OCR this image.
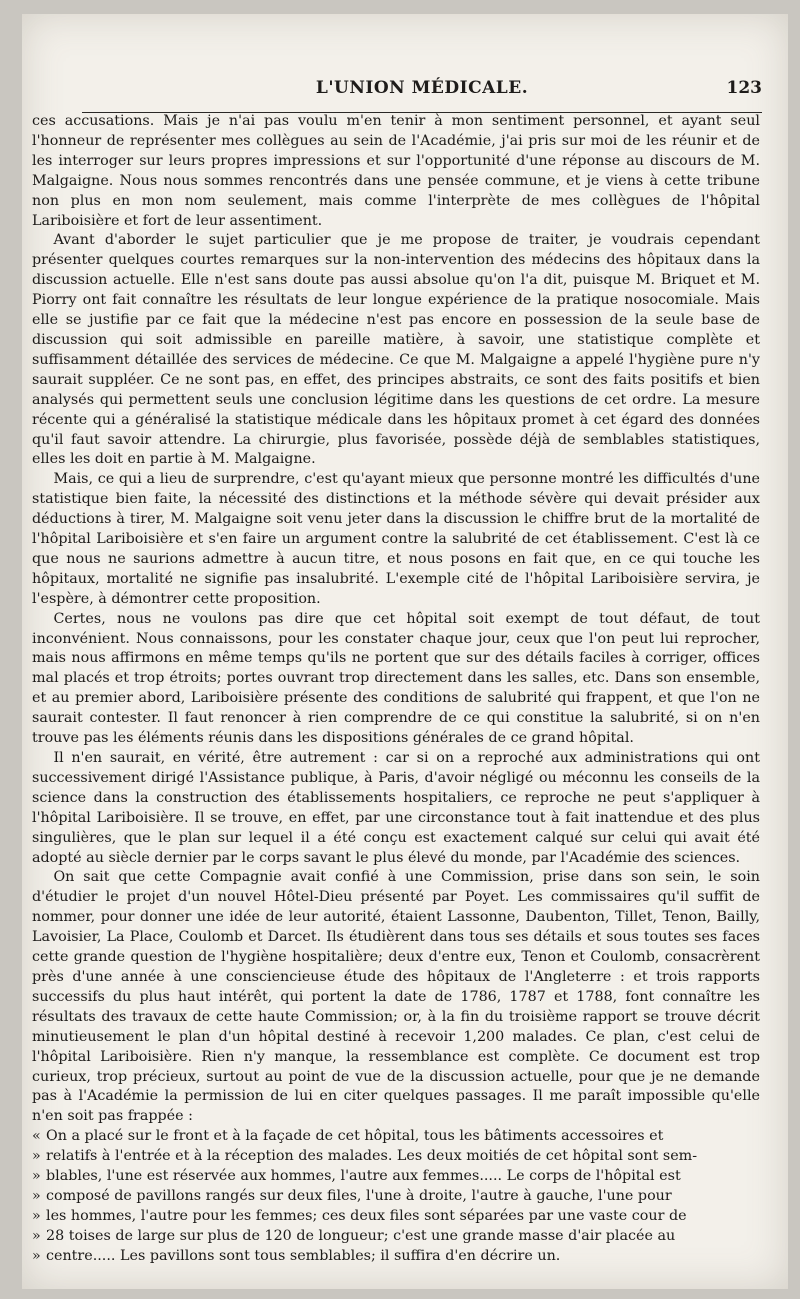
L'UNION MÉDICALE.	123

ces accusations. Mais je n'ai pas voulu m'en tenir à mon sentiment personnel, et ayant seul l'honneur de représenter mes collègues au sein de l'Académie, j'ai pris sur moi de les réunir et de les interroger sur leurs propres impressions et sur l'opportunité d'une réponse au discours de M. Malgaigne. Nous nous sommes rencontrés dans une pensée commune, et je viens à cette tribune non plus en mon nom seulement, mais comme l'interprète de mes collègues de l'hôpital Lariboisière et fort de leur assentiment.

Avant d'aborder le sujet particulier que je me propose de traiter, je voudrais cependant présenter quelques courtes remarques sur la non-intervention des médecins des hôpitaux dans la discussion actuelle. Elle n'est sans doute pas aussi absolue qu'on l'a dit, puisque M. Briquet et M. Piorry ont fait connaître les résultats de leur longue expérience de la pratique nosocomiale. Mais elle se justifie par ce fait que la médecine n'est pas encore en possession de la seule base de discussion qui soit admissible en pareille matière, à savoir, une statistique complète et suffisamment détaillée des services de médecine. Ce que M. Malgaigne a appelé l'hygiène pure n'y saurait suppléer. Ce ne sont pas, en effet, des principes abstraits, ce sont des faits positifs et bien analysés qui permettent seuls une conclusion légitime dans les questions de cet ordre. La mesure récente qui a généralisé la statistique médicale dans les hôpitaux promet à cet égard des données qu'il faut savoir attendre. La chirurgie, plus favorisée, possède déjà de semblables statistiques, elles les doit en partie à M. Malgaigne.

Mais, ce qui a lieu de surprendre, c'est qu'ayant mieux que personne montré les difficultés d'une statistique bien faite, la nécessité des distinctions et la méthode sévère qui devait présider aux déductions à tirer, M. Malgaigne soit venu jeter dans la discussion le chiffre brut de la mortalité de l'hôpital Lariboisière et s'en faire un argument contre la salubrité de cet établissement. C'est là ce que nous ne saurions admettre à aucun titre, et nous posons en fait que, en ce qui touche les hôpitaux, mortalité ne signifie pas insalubrité. L'exemple cité de l'hôpital Lariboisière servira, je l'espère, à démontrer cette proposition.

Certes, nous ne voulons pas dire que cet hôpital soit exempt de tout défaut, de tout inconvénient. Nous connaissons, pour les constater chaque jour, ceux que l'on peut lui reprocher, mais nous affirmons en même temps qu'ils ne portent que sur des détails faciles à corriger, offices mal placés et trop étroits; portes ouvrant trop directement dans les salles, etc. Dans son ensemble, et au premier abord, Lariboisière présente des conditions de salubrité qui frappent, et que l'on ne saurait contester. Il faut renoncer à rien comprendre de ce qui constitue la salubrité, si on n'en trouve pas les éléments réunis dans les dispositions générales de ce grand hôpital.

Il n'en saurait, en vérité, être autrement : car si on a reproché aux administrations qui ont successivement dirigé l'Assistance publique, à Paris, d'avoir négligé ou méconnu les conseils de la science dans la construction des établissements hospitaliers, ce reproche ne peut s'appliquer à l'hôpital Lariboisière. Il se trouve, en effet, par une circonstance tout à fait inattendue et des plus singulières, que le plan sur lequel il a été conçu est exactement calqué sur celui qui avait été adopté au siècle dernier par le corps savant le plus élevé du monde, par l'Académie des sciences.

On sait que cette Compagnie avait confié à une Commission, prise dans son sein, le soin d'étudier le projet d'un nouvel Hôtel-Dieu présenté par Poyet. Les commissaires qu'il suffit de nommer, pour donner une idée de leur autorité, étaient Lassonne, Daubenton, Tillet, Tenon, Bailly, Lavoisier, La Place, Coulomb et Darcet. Ils étudièrent dans tous ses détails et sous toutes ses faces cette grande question de l'hygiène hospitalière; deux d'entre eux, Tenon et Coulomb, consacrèrent près d'une année à une consciencieuse étude des hôpitaux de l'Angleterre : et trois rapports successifs du plus haut intérêt, qui portent la date de 1786, 1787 et 1788, font connaître les résultats des travaux de cette haute Commission; or, à la fin du troisième rapport se trouve décrit minutieusement le plan d'un hôpital destiné à recevoir 1,200 malades. Ce plan, c'est celui de l'hôpital Lariboisière. Rien n'y manque, la ressemblance est complète. Ce document est trop curieux, trop précieux, surtout au point de vue de la discussion actuelle, pour que je ne demande pas à l'Académie la permission de lui en citer quelques passages. Il me paraît impossible qu'elle n'en soit pas frappée :

« On a placé sur le front et à la façade de cet hôpital, tous les bâtiments accessoires et
» relatifs à l'entrée et à la réception des malades. Les deux moitiés de cet hôpital sont sem-
» blables, l'une est réservée aux hommes, l'autre aux femmes..... Le corps de l'hôpital est
» composé de pavillons rangés sur deux files, l'une à droite, l'autre à gauche, l'une pour
» les hommes, l'autre pour les femmes; ces deux files sont séparées par une vaste cour de
» 28 toises de large sur plus de 120 de longueur; c'est une grande masse d'air placée au
» centre..... Les pavillons sont tous semblables; il suffira d'en décrire un.
